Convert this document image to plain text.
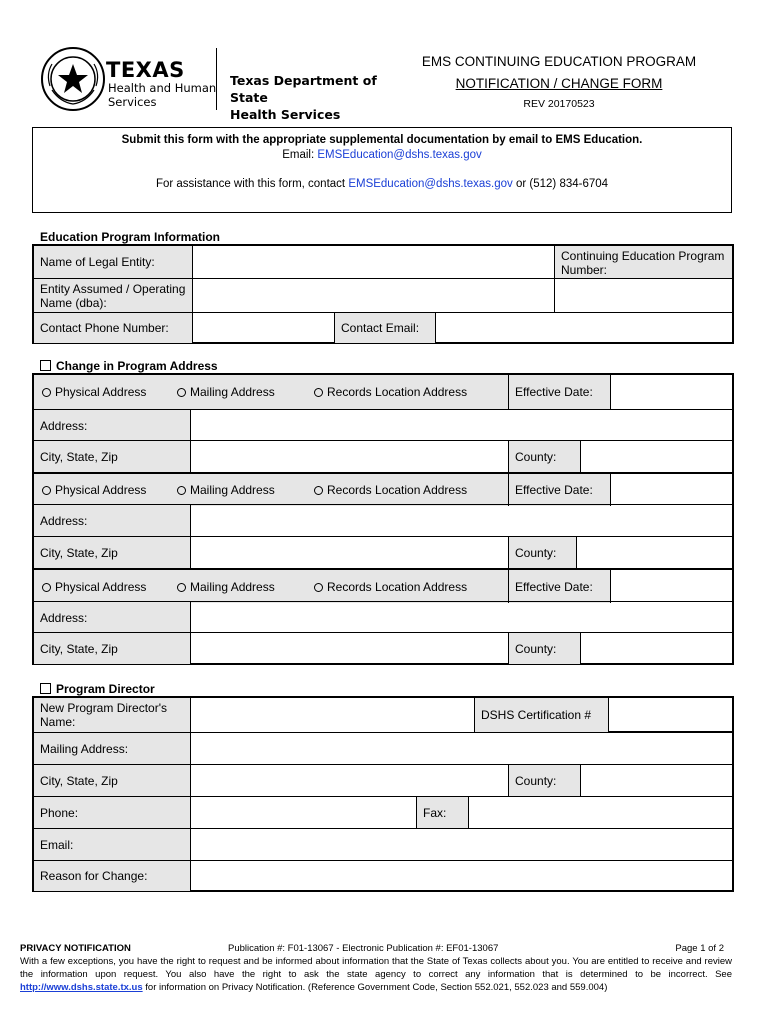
TEXAS
Health and Human
Services
Texas Department of State
Health Services
EMS CONTINUING EDUCATION PROGRAM
NOTIFICATION / CHANGE FORM
REV 20170523
Submit this form with the appropriate supplemental documentation by email to EMS Education.
Email: EMSEducation@dshs.texas.gov
For assistance with this form, contact EMSEducation@dshs.texas.gov or (512) 834-6704
Education Program Information
Name of Legal Entity:	Continuing Education Program Number:
Entity Assumed / Operating Name (dba):
Contact Phone Number:	Contact Email:
Change in Program Address
Physical Address	Mailing Address	Records Location Address	Effective Date:
Address:
City, State, Zip	County:
Physical Address	Mailing Address	Records Location Address	Effective Date:
Address:
City, State, Zip	County:
Physical Address	Mailing Address	Records Location Address	Effective Date:
Address:
City, State, Zip	County:
Program Director
New Program Director's Name:	DSHS Certification #
Mailing Address:
City, State, Zip	County:
Phone:	Fax:
Email:
Reason for Change:
PRIVACY NOTIFICATION	Publication #: F01-13067 - Electronic Publication #: EF01-13067	Page 1 of 2
With a few exceptions, you have the right to request and be informed about information that the State of Texas collects about you. You are entitled to receive and review the information upon request. You also have the right to ask the state agency to correct any information that is determined to be incorrect. See http://www.dshs.state.tx.us for information on Privacy Notification. (Reference Government Code, Section 552.021, 552.023 and 559.004)
